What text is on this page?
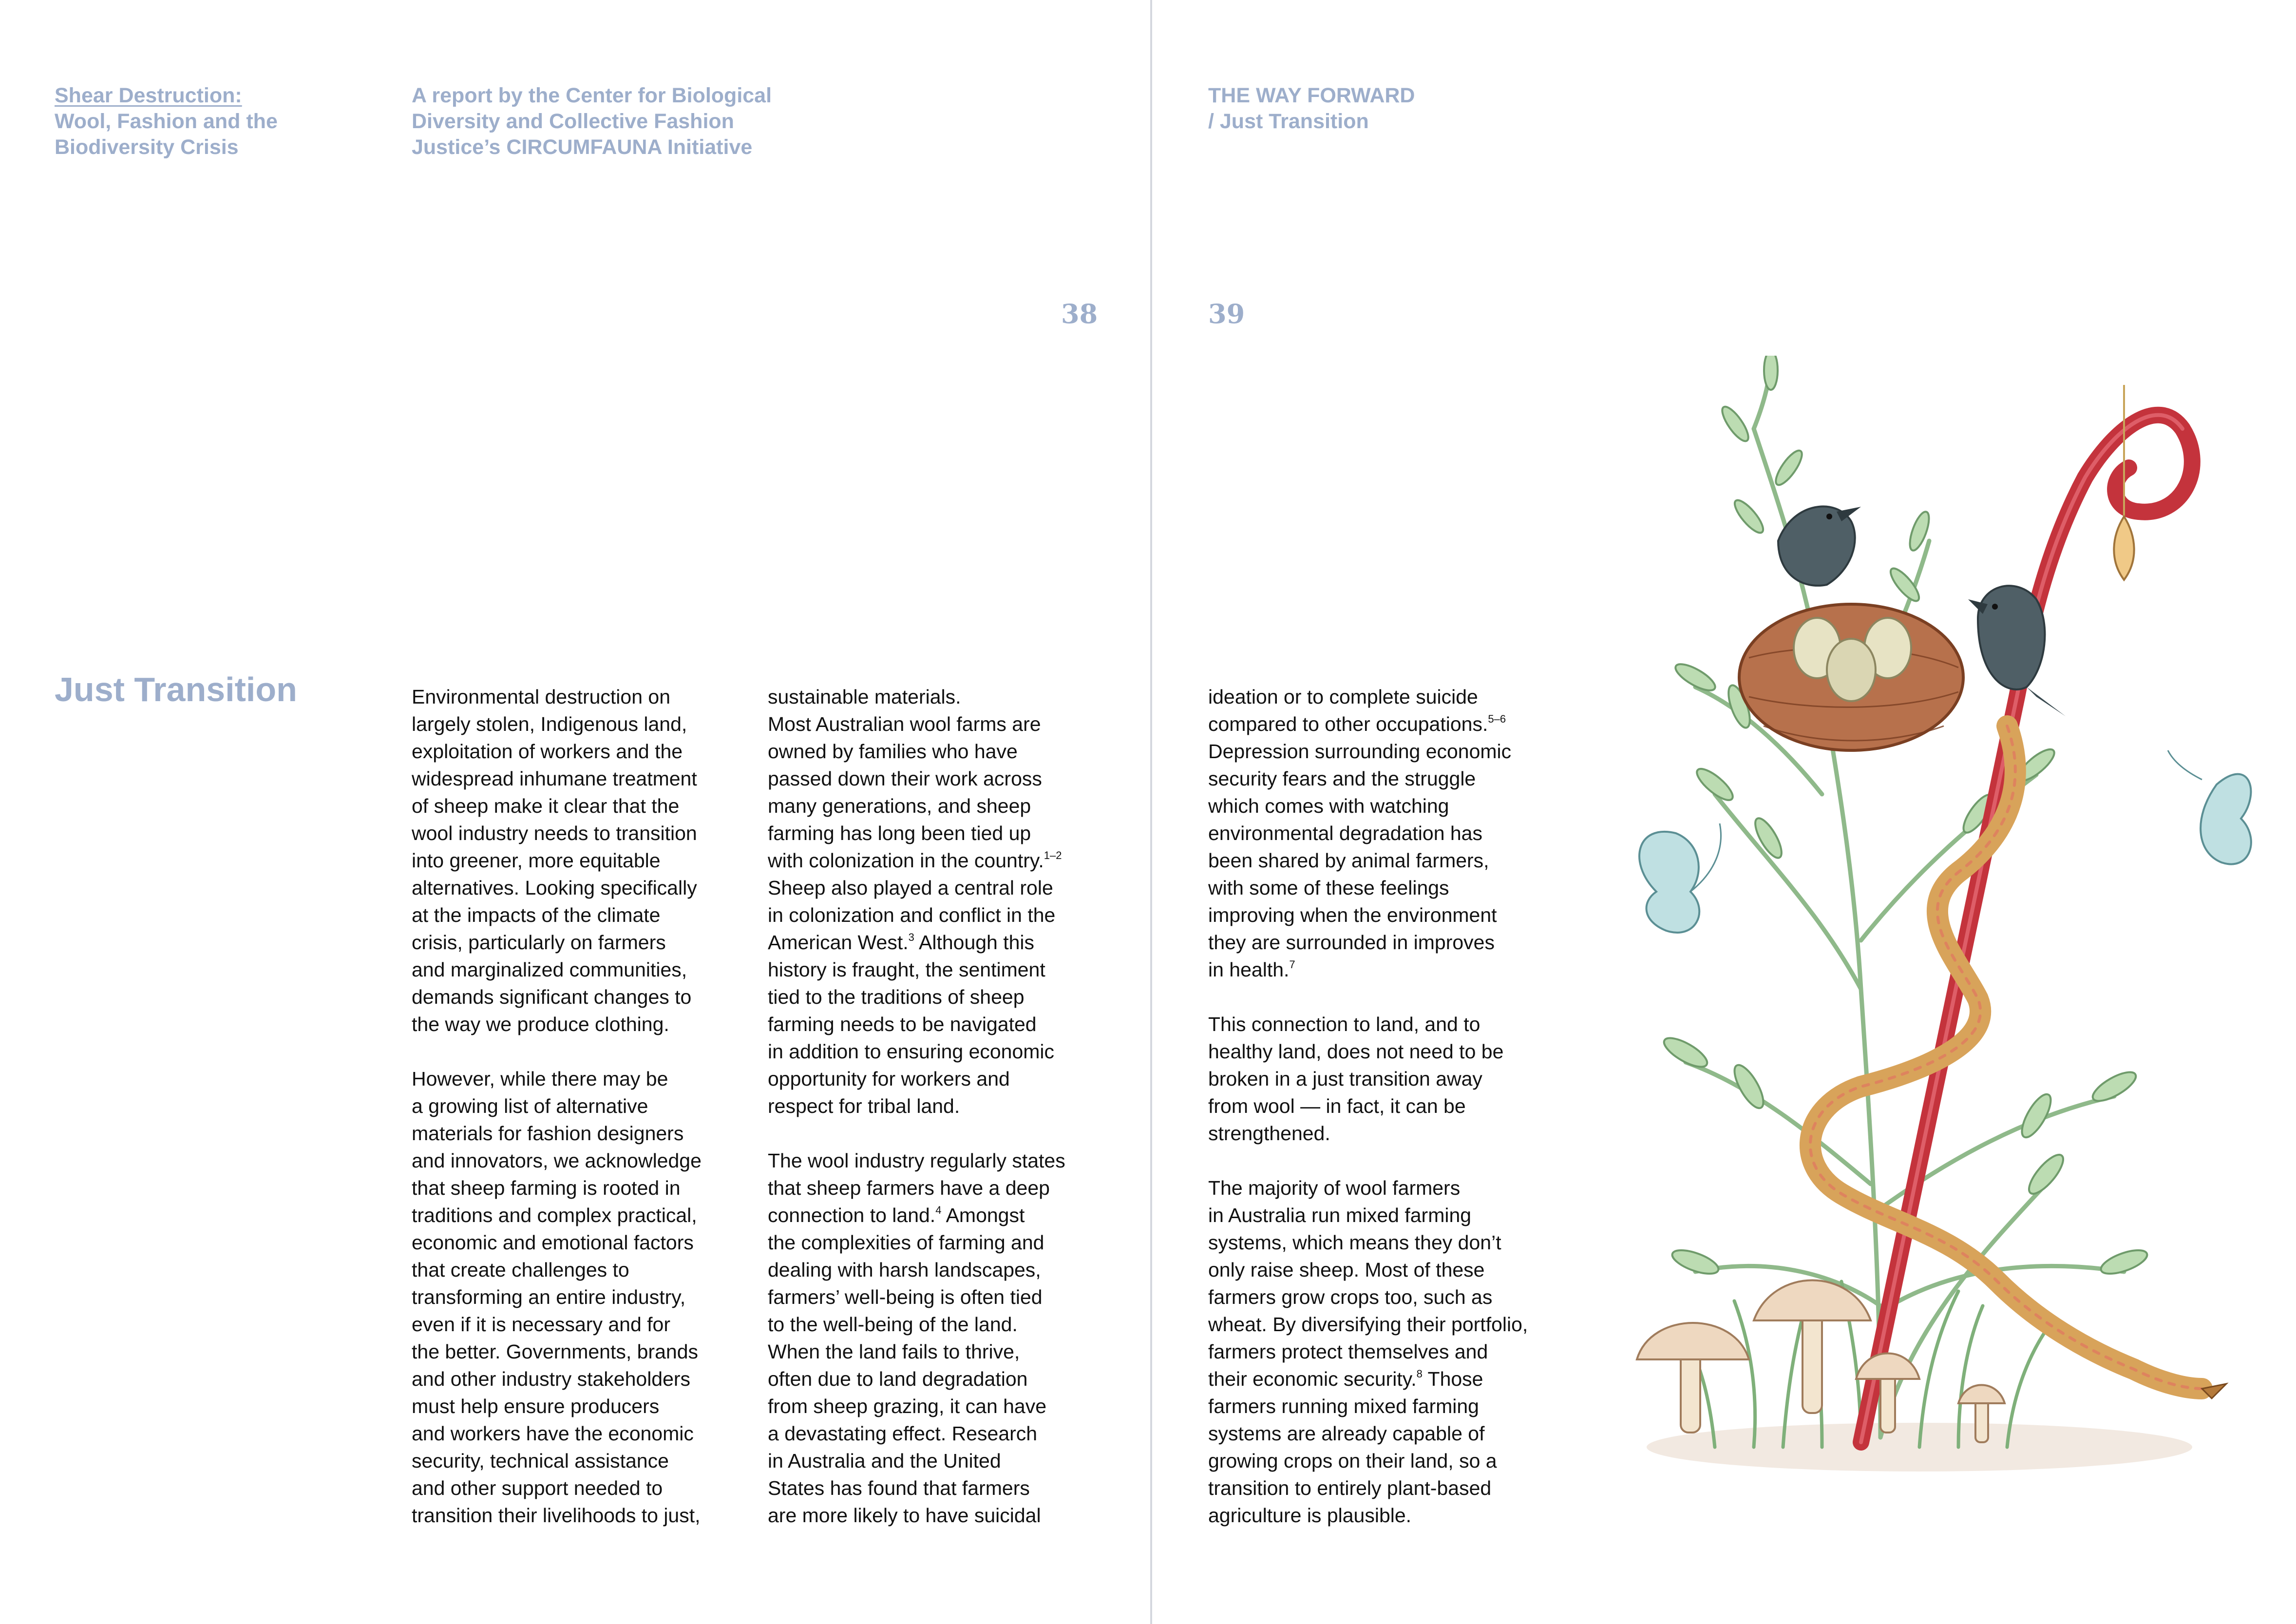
Shear Destruction:
Wool, Fashion and the
Biodiversity Crisis
A report by the Center for Biological
Diversity and Collective Fashion
Justice’s CIRCUMFAUNA Initiative
38
Just Transition
THE WAY FORWARD
/ Just Transition
39
Environmental destruction on
largely stolen, Indigenous land,
exploitation of workers and the
widespread inhumane treatment
of sheep make it clear that the
wool industry needs to transition
into greener, more equitable
alternatives. Looking specifically
at the impacts of the climate
crisis, particularly on farmers
and marginalized communities,
demands significant changes to
the way we produce clothing.
However, while there may be
a growing list of alternative
materials for fashion designers
and innovators, we acknowledge
that sheep farming is rooted in
traditions and complex practical,
economic and emotional factors
that create challenges to
transforming an entire industry,
even if it is necessary and for
the better. Governments, brands
and other industry stakeholders
must help ensure producers
and workers have the economic
security, technical assistance
and other support needed to
transition their livelihoods to just,
sustainable materials.
Most Australian wool farms are
owned by families who have
passed down their work across
many generations, and sheep
farming has long been tied up
with colonization in the country.$^{1-2}$
Sheep also played a central role
in colonization and conflict in the
American West.$^3$ Although this
history is fraught, the sentiment
tied to the traditions of sheep
farming needs to be navigated
in addition to ensuring economic
opportunity for workers and
respect for tribal land.
The wool industry regularly states
that sheep farmers have a deep
connection to land.$^4$ Amongst
the complexities of farming and
dealing with harsh landscapes,
farmers’ well-being is often tied
to the well-being of the land.
When the land fails to thrive,
often due to land degradation
from sheep grazing, it can have
a devastating effect. Research
in Australia and the United
States has found that farmers
are more likely to have suicidal
ideation or to complete suicide
compared to other occupations.$^{5-6}$
Depression surrounding economic
security fears and the struggle
which comes with watching
environmental degradation has
been shared by animal farmers,
with some of these feelings
improving when the environment
they are surrounded in improves
in health.$^7$
This connection to land, and to
healthy land, does not need to be
broken in a just transition away
from wool — in fact, it can be
strengthened.
The majority of wool farmers
in Australia run mixed farming
systems, which means they don’t
only raise sheep. Most of these
farmers grow crops too, such as
wheat. By diversifying their portfolio,
farmers protect themselves and
their economic security.$^8$ Those
farmers running mixed farming
systems are already capable of
growing crops on their land, so a
transition to entirely plant-based
agriculture is plausible.
